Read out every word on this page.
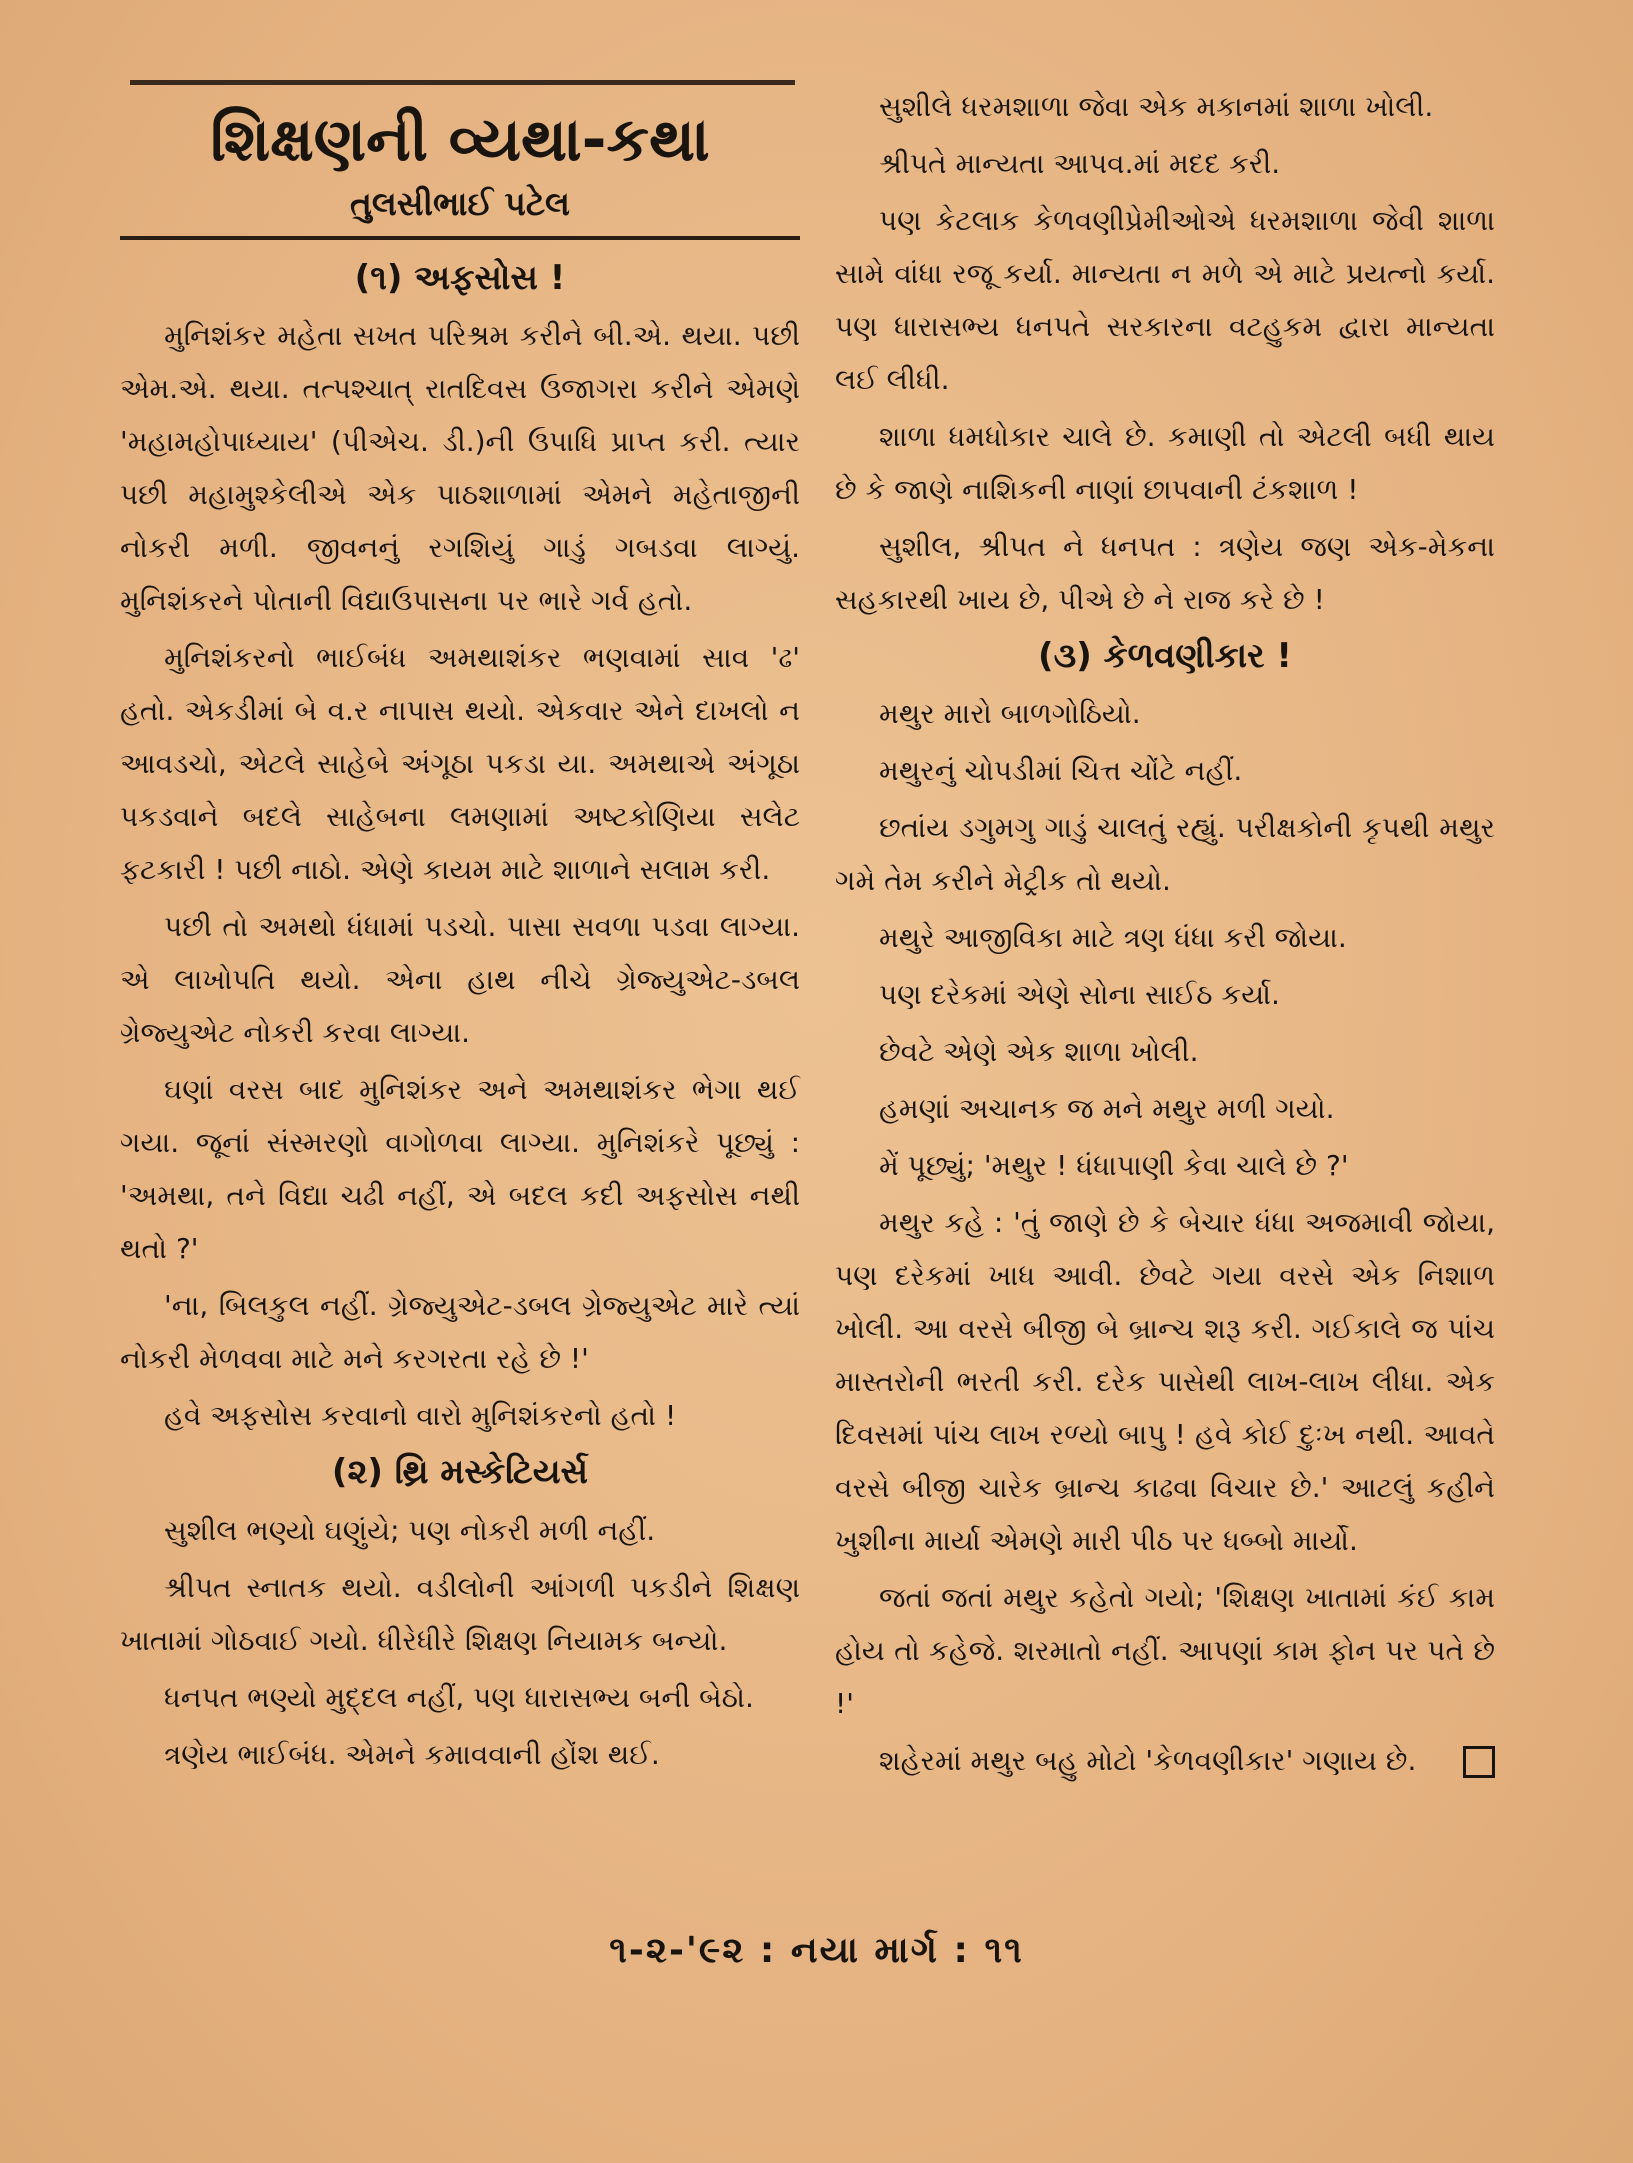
શિક્ષણની વ્યથા-કથા
તુલસીભાઈ પટેલ
(૧) અફસોસ !

મુનિશંકર મહેતા સખત પરિશ્રમ કરીને બી.એ. થયા. પછી એમ.એ. થયા. તત્પશ્ચાત્ રાતદિવસ ઉજાગરા કરીને એમણે 'મહામહોપાધ્યાય' (પીએચ. ડી.)ની ઉપાધિ પ્રાપ્ત કરી. ત્યાર પછી મહામુશ્કેલીએ એક પાઠશાળામાં એમને મહેતાજીની નોકરી મળી. જીવનનું રગશિયું ગાડું ગબડવા લાગ્યું. મુનિશંકરને પોતાની વિદ્યાઉપાસના પર ભારે ગર્વ હતો.

મુનિશંકરનો ભાઈબંધ અમથાશંકર ભણવામાં સાવ 'ઢ' હતો. એકડીમાં બે વ.ર નાપાસ થયો. એકવાર એને દાખલો ન આવડચો, એટલે સાહેબે અંગૂઠા પકડા યા. અમથાએ અંગૂઠા પકડવાને બદલે સાહેબના લમણામાં અષ્ટકોણિયા સલેટ ફટકારી ! પછી નાઠો. એણે કાયમ માટે શાળાને સલામ કરી.

પછી તો અમથો ધંધામાં પડચો. પાસા સવળા પડવા લાગ્યા. એ લાખોપતિ થયો. એના હાથ નીચે ગ્રેજ્યુએટ-ડબલ ગ્રેજ્યુએટ નોકરી કરવા લાગ્યા.

ઘણાં વરસ બાદ મુનિશંકર અને અમથાશંકર ભેગા થઈ ગયા. જૂનાં સંસ્મરણો વાગોળવા લાગ્યા. મુનિશંકરે પૂછ્યું : 'અમથા, તને વિદ્યા ચઢી નહીં, એ બદલ કદી અફસોસ નથી થતો ?'

'ના, બિલકુલ નહીં. ગ્રેજ્યુએટ-ડબલ ગ્રેજ્યુએટ મારે ત્યાં નોકરી મેળવવા માટે મને કરગરતા રહે છે !'

હવે અફસોસ કરવાનો વારો મુનિશંકરનો હતો !

(૨) થ્રિ મસ્કેટિયર્સ

સુશીલ ભણ્યો ઘણુંયે; પણ નોકરી મળી નહીં.

શ્રીપત સ્નાતક થયો. વડીલોની આંગળી પકડીને શિક્ષણ ખાતામાં ગોઠવાઈ ગયો. ધીરેધીરે શિક્ષણ નિયામક બન્યો.

ધનપત ભણ્યો મુદ્દલ નહીં, પણ ધારાસભ્ય બની બેઠો.

ત્રણેય ભાઈબંધ. એમને કમાવવાની હોંશ થઈ.

સુશીલે ધરમશાળા જેવા એક મકાનમાં શાળા ખોલી.

શ્રીપતે માન્યતા આપવ.માં મદદ કરી.

પણ કેટલાક કેળવણીપ્રેમીઓએ ધરમશાળા જેવી શાળા સામે વાંધા રજૂ કર્યા. માન્યતા ન મળે એ માટે પ્રયત્નો કર્યા. પણ ધારાસભ્ય ધનપતે સરકારના વટહુકમ દ્વારા માન્યતા લઈ લીધી.

શાળા ધમધોકાર ચાલે છે. કમાણી તો એટલી બધી થાય છે કે જાણે નાશિકની નાણાં છાપવાની ટંકશાળ !

સુશીલ, શ્રીપત ને ધનપત : ત્રણેય જણ એક-મેકના સહકારથી ખાય છે, પીએ છે ને રાજ કરે છે !

(૩) કેળવણીકાર !

મથુર મારો બાળગોઠિયો.

મથુરનું ચોપડીમાં ચિત્ત ચોંટે નહીં.

છતાંય ડગુમગુ ગાડું ચાલતું રહ્યું. પરીક્ષકોની કૃપથી મથુર ગમે તેમ કરીને મેટ્રીક તો થયો.

મથુરે આજીવિકા માટે ત્રણ ધંધા કરી જોયા.

પણ દરેકમાં એણે સોના સાઈઠ કર્યા.

છેવટે એણે એક શાળા ખોલી.

હમણાં અચાનક જ મને મથુર મળી ગયો.

મેં પૂછ્યું; 'મથુર ! ધંધાપાણી કેવા ચાલે છે ?'

મથુર કહે : 'તું જાણે છે કે બેચાર ધંધા અજમાવી જોયા, પણ દરેકમાં ખાધ આવી. છેવટે ગયા વરસે એક નિશાળ ખોલી. આ વરસે બીજી બે બ્રાન્ચ શરૂ કરી. ગઈકાલે જ પાંચ માસ્તરોની ભરતી કરી. દરેક પાસેથી લાખ-લાખ લીધા. એક દિવસમાં પાંચ લાખ રળ્યો બાપુ ! હવે કોઈ દુઃખ નથી. આવતે વરસે બીજી ચારેક બ્રાન્ચ કાઢવા વિચાર છે.' આટલું કહીને ખુશીના માર્યા એમણે મારી પીઠ પર ધબ્બો માર્યો.

જતાં જતાં મથુર કહેતો ગયો; 'શિક્ષણ ખાતામાં કંઈ કામ હોય તો કહેજે. શરમાતો નહીં. આપણાં કામ ફોન પર પતે છે !'

શહેરમાં મથુર બહુ મોટો 'કેળવણીકાર' ગણાય છે.

૧-૨-'૯૨ : નયા માર્ગ : ૧૧
